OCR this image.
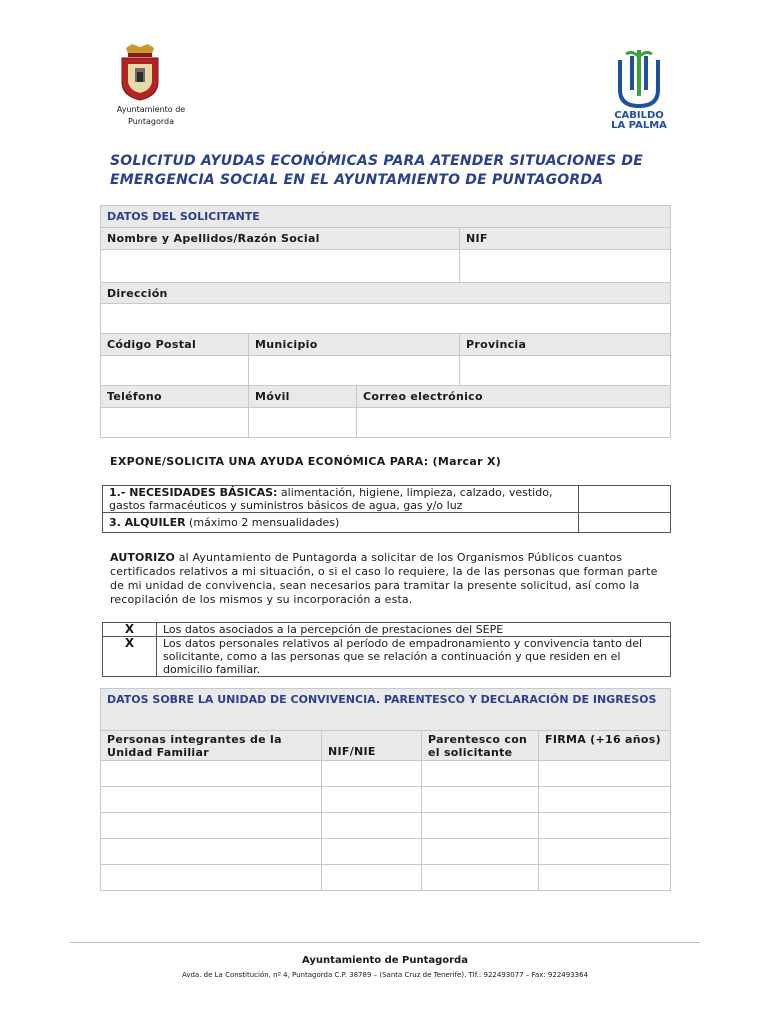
Ayuntamiento de
Puntagorda
CABILDO
LA PALMA
SOLICITUD AYUDAS ECONÓMICAS PARA ATENDER SITUACIONES DE
EMERGENCIA SOCIAL EN EL AYUNTAMIENTO DE PUNTAGORDA
DATOS DEL SOLICITANTE			
Nombre y Apellidos/Razón Social			NIF

Dirección			

Código Postal	Municipio		Provincia

Teléfono	Móvil	Correo electrónico	

EXPONE/SOLICITA UNA AYUDA ECONÓMICA PARA: (Marcar X)
1.- NECESIDADES BÁSICAS: alimentación, higiene, limpieza, calzado, vestido, gastos farmacéuticos y suministros básicos de agua, gas y/o luz	
3. ALQUILER (máximo 2 mensualidades)	
AUTORIZO al Ayuntamiento de Puntagorda a solicitar de los Organismos Públicos cuantos certificados relativos a mi situación, o si el caso lo requiere, la de las personas que forman parte de mi unidad de convivencia, sean necesarios para tramitar la presente solicitud, así como la recopilación de los mismos y su incorporación a esta.
X	Los datos asociados a la percepción de prestaciones del SEPE
X	Los datos personales relativos al período de empadronamiento y convivencia tanto del solicitante, como a las personas que se relación a continuación y que residen en el domicilio familiar.
DATOS SOBRE LA UNIDAD DE CONVIVENCIA. PARENTESCO Y DECLARACIÓN DE INGRESOS			
Personas integrantes de la Unidad Familiar	NIF/NIE	Parentesco con el solicitante	FIRMA (+16 años)

Ayuntamiento de Puntagorda
Avda. de La Constitución, nº 4, Puntagorda C.P. 38789 – (Santa Cruz de Tenerife). Tlf.: 922493077 – Fax: 922493364
